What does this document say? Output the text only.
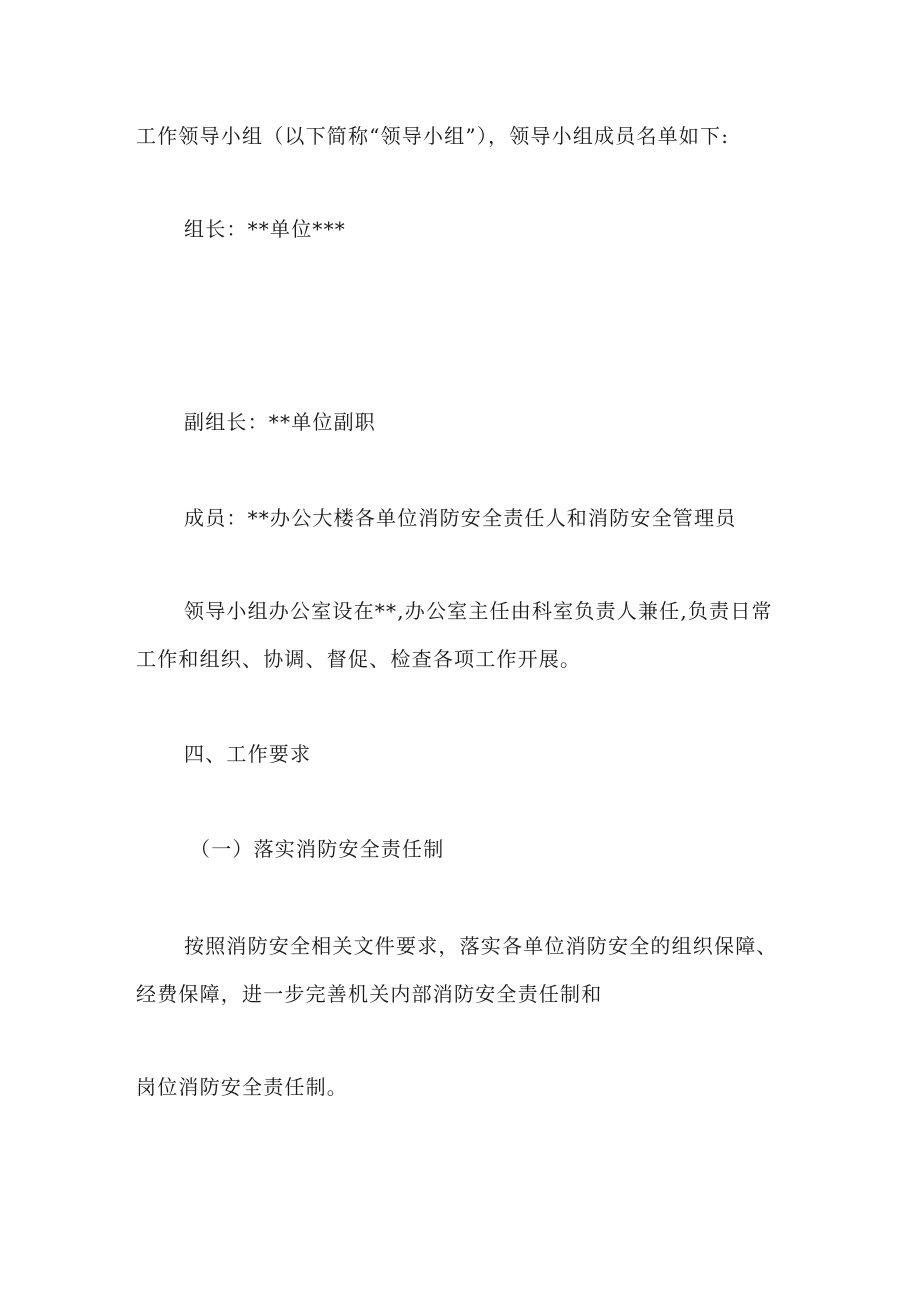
工作领导小组（以下简称“领导小组”），领导小组成员名单如下:
组长：**单位***
副组长：**单位副职
成员：**办公大楼各单位消防安全责任人和消防安全管理员
领导小组办公室设在**,办公室主任由科室负责人兼任,负责日常
工作和组织、协调、督促、检查各项工作开展。
四、工作要求
（一）落实消防安全责任制
按照消防安全相关文件要求，落实各单位消防安全的组织保障、
经费保障，进一步完善机关内部消防安全责任制和
岗位消防安全责任制。
